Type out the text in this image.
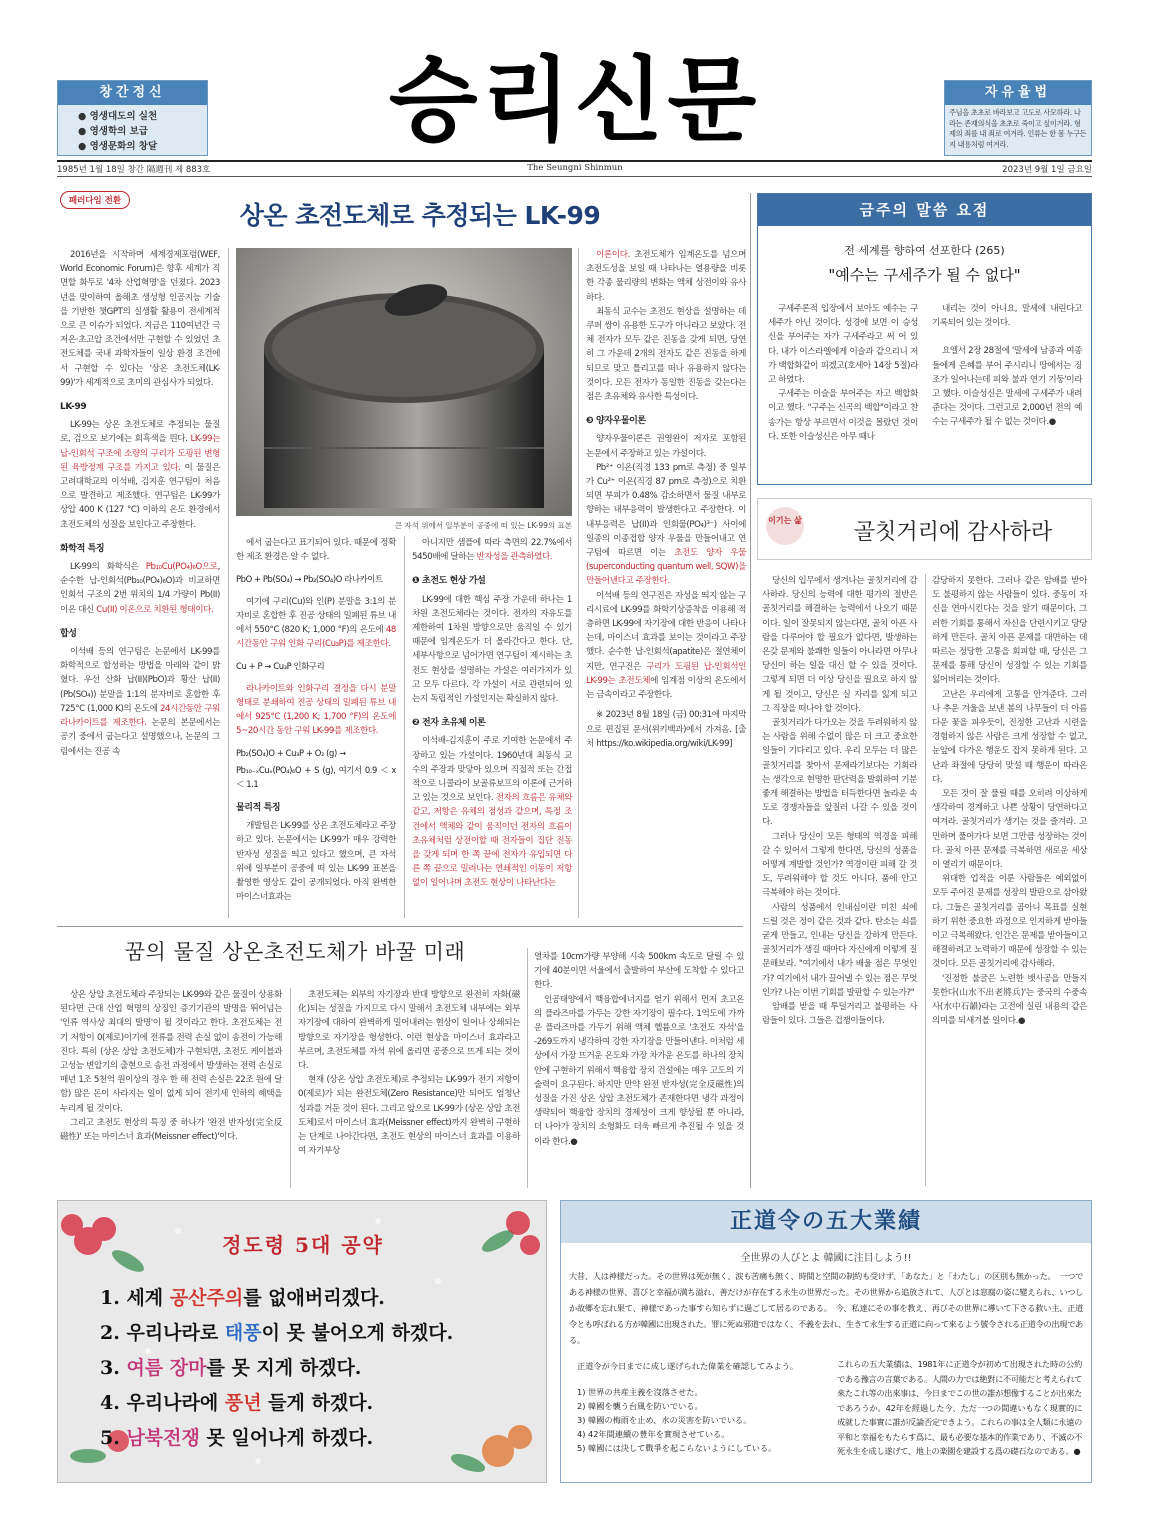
창간정신
● 영생대도의 실천
● 영생학의 보급
● 영생문화의 창달	승리신문	자유율법
주님을 초초로 바라보고 고도로 사모하라. 나라는 존재의식을 초초로 죽이고 싶이겨라. 형제의 죄를 내 죄로 여겨라. 인류는 한 몸 누구든지 내용처럼 여겨라.
1985년 1월 18일 창간 隔週刊 제 883호	The Seungni Shinmun	2023년 9월 1일 금요일
패러다임 전환	상온 초전도체로 추정되는 LK-99

2016년을 시작하며 세계경제포럼(WEF, World Economic Forum)은 향후 세계가 직면할 화두로 '4차 산업혁명'을 던졌다. 2023년을 맞이하여 올해초 생성형 인공지능 기술을 기반한 챗GPT의 실생활 활용이 전세계적으로 큰 이슈가 되었다. 지금은 110여년간 극저온·초고압 조건에서만 구현할 수 있었던 초전도체를 국내 과학자들이 일상 환경 조건에서 구현할 수 있다는 '상온 초전도체(LK-99)'가 세계적으로 초미의 관심사가 되었다.

LK-99

LK-99는 상온 초전도체로 추정되는 물질로, 검으로 보기에는 회흑색을 띈다. LK-99는 납-인회석 구조에 소량의 구리가 도핑된 변형된 육방정계 구조를 가지고 있다. 이 물질은 고려대학교의 이석배, 김지훈 연구팀이 처음으로 발견하고 제조했다. 연구팀은 LK-99가 상압 400 K (127 °C) 이하의 온도 환경에서 초전도체의 성질을 보인다고 주장한다.

화학적 특징

LK-99의 화학식은 Pb₁₀Cu(PO₄)₆O으로, 순수한 납-인회석(Pb₁₀(PO₄)₆O)과 비교하면 인회석 구조의 2번 위치의 1/4 가량이 Pb(II) 이온 대신 Cu(II) 이온으로 치환된 형태이다.

합성

이석배 등의 연구팀은 논문에서 LK-99를 화학적으로 합성하는 방법을 아래와 같이 밝혔다. 우선 산화 납(II)(PbO)과 황산 납(II)(Pb(SO₄)) 분말을 1:1의 분자비로 혼합한 후 725°C (1,000 K)의 온도에 24시간동안 구워 라나카이트를 제조한다. 논문의 본문에서는 공기 중에서 굽는다고 설명했으나, 논문의 그림에서는 진공 속

큰 자석 위에서 일부분이 공중에 떠 있는 LK-99의 표본

에서 굽는다고 표기되어 있다. 때문에 정확한 제조 환경은 알 수 없다.

PbO + Pb(SO₄) → Pb₂(SO₄)O 라나카이트

여기에 구리(Cu)와 인(P) 분말을 3:1의 분자비로 혼합한 후 진공 상태의 밀폐된 튜브 내에서 550°C (820 K; 1,000 °F)의 온도에 48시간동안 구워 인화 구리(Cu₃P)를 제조한다.

Cu + P → Cu₃P 인화구리

라나카이트와 인화구리 결정을 다시 분말 형태로 분쇄하여 진공 상태의 밀폐된 튜브 내에서 925°C (1,200 K; 1,700 °F)의 온도에 5~20시간 동안 구워 LK-99를 제조한다.

Pb₂(SO₄)O + Cu₃P + O₂ (g) →
Pb₁₀₋ₓCuₓ(PO₄)₆O + S (g), 여기서 0.9 ＜ x ＜ 1.1
물리적 특징

개발팀은 LK-99를 상온 초전도체라고 주장하고 있다. 논문에서는 LK-99가 매우 강력한 반자성 성질을 띄고 있다고 했으며, 큰 자석 위에 일부분이 공중에 떠 있는 LK-99 표본을 촬영한 영상도 같이 공개되었다. 아직 완벽한 마이스너효과는

아니지만 샘플에 따라 측면의 22.7%에서 5450배에 달하는 반자성을 관측하였다.

❶ 초전도 현상 가설

LK-99에 대한 핵심 주장 가운데 하나는 1차원 초전도체라는 것이다. 전자의 자유도를 제한하여 1차원 방향으로만 움직일 수 있기 때문에 임계온도가 더 올라간다고 한다. 단, 세부사항으로 넘어가면 연구팀이 제시하는 초전도 현상을 설명하는 가설은 여러가지가 있고 모두 다르다. 각 가설이 서로 관련되어 있는지 독립적인 가설인지는 확실하지 않다.

❷ 전자 초유체 이론

이석배-김지훈이 주로 기여한 논문에서 주장하고 있는 가설이다. 1960년대 최동식 교수의 주장과 맞닿아 있으며 직접적 또는 간접적으로 니콜라이 보골류보프의 이론에 근거하고 있는 것으로 보인다. 전자의 흐름은 유체와 같고, 저항은 유체의 점성과 같으며, 특정 조건에서 액체와 같이 움직이던 전자의 흐름이 초유체처럼 상전이할 때 전자들이 집단 진동을 갖게 되며 한 쪽 끝에 전자가 유입되면 다른 쪽 끝으로 밀려나는 연쇄적인 이동이 저항 없이 일어나며 초전도 현상이 나타난다는

이론이다. 초전도체가 임계온도를 넘으며 초전도성을 보일 때 나타나는 열용량을 비롯한 각종 물리량의 변화는 액체 상전이와 유사하다.

최동식 교수는 초전도 현상을 설명하는 데 쿠퍼 쌍이 유용한 도구가 아니라고 보았다. 전체 전자가 모두 같은 진동을 갖게 되면, 당연히 그 가운데 2개의 전자도 같은 진동을 하게 되므로 맞고 틀리고를 떠나 유용하지 않다는 것이다. 모든 전자가 동일한 진동을 갖는다는 점은 초유체와 유사한 특성이다.

❸ 양자우물이론

양자우물이론은 권영완이 저자로 포함된 논문에서 주장하고 있는 가설이다.

Pb²⁺ 이온(직경 133 pm로 측정) 중 일부가 Cu²⁺ 이온(직경 87 pm로 측정)으로 치환되면 부피가 0.48% 감소하면서 물질 내부로 향하는 내부응력이 발생한다고 주장한다. 이 내부응력은 납(II)과 인회물(PO₄)³⁻) 사이에 일종의 이종접합 양자 우물을 만들어내고 연구팀에 따르면 이는 초전도 양자 우물(superconducting quantum well, SQW)을 만들어낸다고 주장한다.

이석배 등의 연구진은 자성을 띄지 않는 구리시료에 LK-99를 화학기상증착을 이용해 적층하면 LK-99에 자기장에 대한 반응이 나타나는데, 마이스너 효과를 보이는 것이라고 주장했다. 순수한 납-인회석(apatite)은 절연체이지만, 연구진은 구리가 도핑된 납-인회석인 LK-99는 초전도체에 임계점 이상의 온도에서는 금속이라고 주장한다.

※ 2023년 8월 18일 (금) 00:31에 마지막으로 편집된 문서(위키백과)에서 가져옴. [출처 https://ko.wikipedia.org/wiki/LK-99]

금주의 말씀 요점
전 세계를 향하여 선포한다 (265)
"예수는 구세주가 될 수 없다"

구세주론적 입장에서 보아도 예수는 구세주가 아닌 것이다. 성경에 보면 이 승성신을 부어주는 자가 구세주라고 써 어 있다. 내가 이스라엘에게 이슬과 같으리니 저가 백합화같이 피겠고(호세아 14장 5절)라고 하였다.

구세주는 이슬을 부어주는 자고 백합화이고 했다. "구주는 신곡의 백합"이라고 찬송가는 항상 부르면서 이것을 몰랐던 것이다. 또한 이슬성신은 아무 때나

내리는 것이 아니요, 말세에 내린다고 기록되어 있는 것이다.

요엘서 2장 28절에 '말세에 남종과 여종들에게 은혜를 부어 주시리니 땅에서는 징조가 일어나는데 피와 불과 연기 기둥'이라고 했다. 이슬성신은 말세에 구세주가 내려준다는 것이다. 그런고로 2,000년 전의 예수는 구세주가 될 수 없는 것이다.●

이기는 삶	골칫거리에 감사하라

당신의 입무에서 생겨나는 골칫거리에 감사하라. 당신의 능력에 대한 평가의 절반은 골칫거리를 해결하는 능력에서 나오기 때문이다. 일이 잘못되지 않는다면, 골치 아픈 사람을 다루어야 할 필요가 없다면, 발생하는 온갖 문제와 불쾌한 일들이 아니라면 아무나 당신이 하는 일을 대신 할 수 있을 것이다. 그렇게 되면 더 이상 당신을 필요로 하지 않게 될 것이고, 당신은 실 자리를 잃게 되고 그 직장을 떠나야 할 것이다.

골칫거리가 다가오는 것을 두려워하지 않는 사람을 위해 수없이 많은 더 크고 중요한 일들이 기다리고 있다. 우리 모두는 더 많은 골칫거리를 찾아서 문제라기보다는 기회라는 생각으로 현명한 판단력을 발휘하여 기분 좋게 해결하는 방법을 터득한다면 놀라운 속도로 경쟁자들을 앞질러 나갈 수 있을 것이다.

그러나 당신이 모든 형태의 역경을 피해 갈 수 있어서 그렇게 한다면, 당신의 성품을 어떻게 계발할 것인가? 역경이란 피해 갈 것도, 두려워해야 할 것도 아니다. 품에 안고 극복해야 하는 것이다.

사람의 성품에서 인내심이란 미친 쇠에 드릴 것은 정이 같은 것과 같다. 탄소는 쇠를 굳게 만들고, 인내는 당신을 강하게 만든다. 골칫거리가 생길 때마다 자신에게 이렇게 질문해보라. "여기에서 내가 배울 점은 무엇인가? 여기에서 내가 끌어낼 수 있는 점은 무엇인가? 나는 이번 기회를 발판할 수 있는가?"

암배를 받을 때 투덜거리고 불평하는 사람들이 있다. 그들은 겁쟁이들이다.

감당하지 못한다. 그러나 같은 암배를 받아도 불평하지 않는 사람들이 있다. 중동이 자신을 연마시킨다는 것을 알기 때문이다. 그러한 기회를 통해서 자신을 단련시키고 당당하게 만든다. 골치 아픈 문제를 대면하는 데 따르는 정당한 고통을 회피할 때, 당신은 그 문제를 통해 당신이 성장할 수 있는 기회를 잃어버리는 것이다.

고난은 우리에게 고통을 안겨준다. 그러나 추운 겨울을 보낸 봄의 나무들이 더 아름다운 꽃을 피우듯이, 진정한 고난과 시련을 경험하지 않은 사람은 크게 성장할 수 없고, 눈앞에 다가온 행운도 잡지 못하게 된다. 고난과 좌절에 당당히 맞설 때 행운이 따라온다.

모든 것이 잘 풀릴 때를 오히려 이상하게 생각하여 경계하고 나쁜 상황이 당연하다고 여겨라. 골칫거리가 생기는 것을 즐겨라. 고민하며 풀어가다 보면 그만큼 성장하는 것이다. 골치 아픈 문제를 극복하면 새로운 세상이 열리기 때문이다.

위대한 업적을 이룬 사람들은 예외없이 모두 주어진 문제를 성장의 발판으로 삼아왔다. 그들은 골칫거리를 곱아니 목표를 실현하기 위한 중요한 과정으로 인지하게 받아들이고 극복해왔다. 인간은 문제를 받아들이고 해결하려고 노력하기 때문에 성장할 수 있는 것이다. 모든 골칫거리에 감사해라.

'진정한 불굴은 노련한 뱃사공을 만들지 못한다(山水不出老將兵)'는 중국의 수중속사(水中石韻)라는 고전에 실린 내용의 같은 의미를 되새겨볼 일이다.●

꿈의 물질 상온초전도체가 바꿀 미래

상온 상압 초전도체라 주장되는 LK-99와 같은 물질이 상용화된다면 근대 산업 혁명의 상징인 증기기관의 발명을 뛰어넘는 '인류 역사상 최대의 발명'이 될 것이라고 한다. 초전도체는 전기 저항이 0(제로)이기에 전류를 전력 손실 없이 송전이 가능해진다. 특히 (상온 상압 초전도체)가 구현되면, 초전도 케이블과 고성능 변압기의 출현으로 송전 과정에서 발생하는 전력 손실로 매년 1조 5천억 원이상의 경우 한 해 전력 손실은 22조 원에 달함) 많은 돈이 사라지는 일이 없게 되어 전기세 인하의 혜택을 누리게 될 것이다.

그리고 초전도 현상의 특징 중 하나가 '완전 반자성(完全反磁性)' 또는 마이스너 효과(Meissner effect)'이다.

초전도체는 외부의 자기장과 반대 방향으로 완전히 자화(磁化)되는 성질을 가지므로 다시 말해서 초전도체 내부에는 외부 자기장에 대하여 완벽하게 밀어내려는 현상이 일어나 상쇄되는 방향으로 자기장을 형성한다. 이런 현상을 마이스너 효과라고 부르며, 초전도체를 자석 위에 올리면 공중으로 뜨게 되는 것이다.

현재 (상온 상압 초전도체)로 추정되는 LK-99가 전기 저항이 0(제로)가 되는 완전도체(Zero Resistance)만 되어도 엄청난 성과를 거둔 것이 된다. 그리고 앞으로 LK-99가 (상온 상압 초전도체)로서 마이스너 효과(Meissner effect)까지 완벽히 구현하는 단계로 나아간다면, 초전도 현상의 마이스너 효과를 이용하여 자기부상

열차를 10cm가량 부양해 시속 500km 속도로 달릴 수 있기에 40분이면 서울에서 출발하여 부산에 도착할 수 있다고 한다.

인공태양에서 핵융합에너지를 얻기 위해서 먼저 초고온의 플라즈마를 가두는 강한 자기장이 필수다. 1억도에 가까운 플라즈마를 가두기 위해 액체 헬륨으로 '초전도 자석'을 -269도까지 냉각하여 강한 자기장을 만들어낸다. 이처럼 세상에서 가장 뜨거운 온도와 가장 차가운 온도를 하나의 장치 안에 구현하기 위해서 핵융합 장치 건설에는 매우 고도의 기술력이 요구된다. 하지만 만약 완전 반자성(完全反磁性)의 성질을 가진 상온 상압 초전도체가 존재한다면 냉각 과정이 생략되어 핵융합 장치의 경제성이 크게 향상될 뿐 아니라, 더 나아가 장치의 소형화도 더욱 빠르게 추진될 수 있을 것이라 한다.●

정도령 5대 공약
1. 세계 공산주의를 없애버리겠다.
2. 우리나라로 태풍이 못 불어오게 하겠다.
3. 여름 장마를 못 지게 하겠다.
4. 우리나라에 풍년 들게 하겠다.
5. 남북전쟁 못 일어나게 하겠다.
正道令の五大業績
全世界の人びとよ 韓國に注目しよう!!
大昔、人は神様だった。その世界は死が無く、涙も苦痛も無く、時間と空間の制約も受けず、「あなた」と「わたし」の区別も無かった。　一つである神様の世界、喜びと幸福が満ち溢れ、善だけが存在する永生の世界だった。その世界から追放されて、人びとは窓腐の姿に變えられ、いつしか故郷を忘れ果て、神様であった事すら知らずに過ごして居るのである。　今、私達にその事を教え、再びその世界に導いて下さる救い主、正道令とも呼ばれる方が韓國に出現された。罪に死ぬ邪道ではなく、不義を去れ、生きて永生する正道に向って來るよう號令される正道令の出現である。
正道令が今日までに成し遂げられた偉業を確認してみよう。
1) 世界の共産主義を沒落させた。
2) 韓國を襲う台風を防いでいる。
3) 韓國の梅雨を止め、水の災害を防いでいる。
4) 42年間連續の豊年を實現させている。
5) 韓國には決して戰爭を起こらないようにしている。
これらの五大業績は、1981年に正道令が初めて出現された時の公約である豫言の言葉である。人間の力では絶對に不可能だと考えられて來たこれ等の出來事は、今日までこの世の誰が想像することが出來たであろうか。42年を經過した今、ただ一つの間違いもなく現實的に成就した事實に誰が反論否定できよう。これらの事は全人類に永遠の平和と幸福をもたらす爲に、最も必要な基本的作業であり、不滅の不死永生を成し遂げて、地上の楽園を建設する爲の礎石なのである。●
